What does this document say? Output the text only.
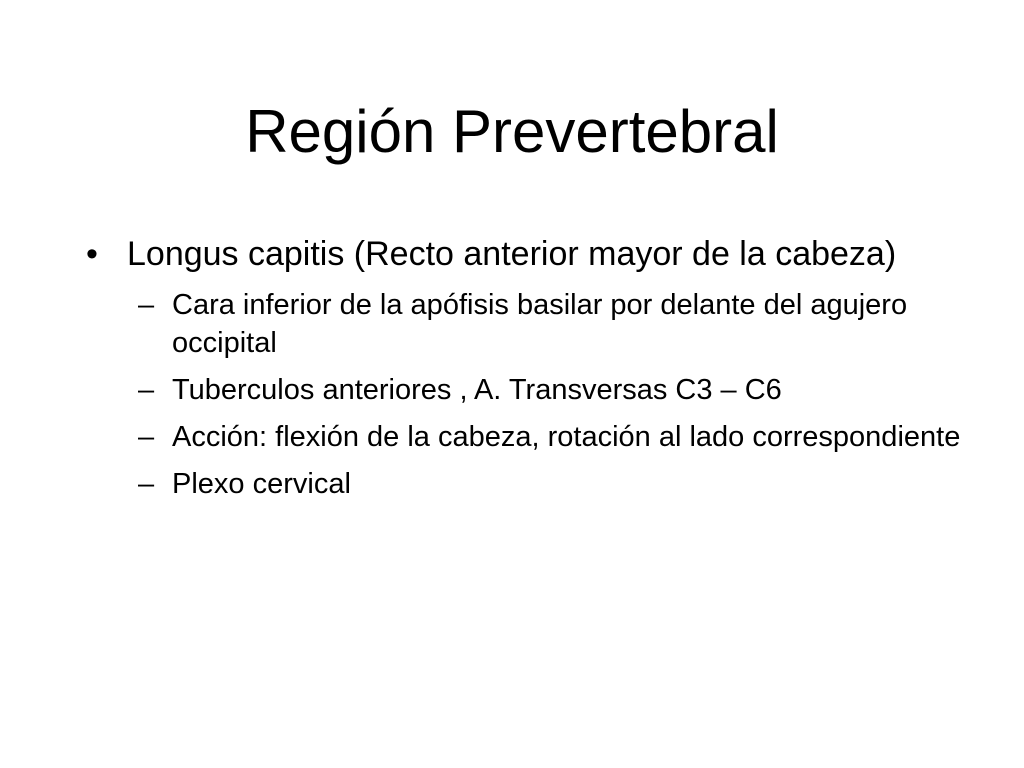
Región Prevertebral
• Longus capitis (Recto anterior mayor de la cabeza)
– Cara inferior de la apófisis basilar por delante del agujero occipital
– Tuberculos anteriores , A. Transversas C3 – C6
– Acción: flexión de la cabeza, rotación al lado correspondiente
– Plexo cervical
